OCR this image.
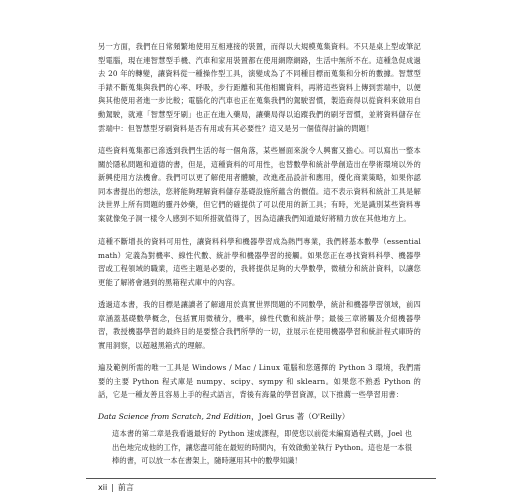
另一方面，我們在日常頻繁地使用互相連接的裝置，而得以大規模蒐集資料。不只是桌上型或筆記型電腦，現在連智慧型手機、汽車和家用裝置都在使用網際網路，生活中無所不在。這種急促成過去 20 年的轉變，讓資料從一種操作型工具，演變成為了不同種目標而蒐集和分析的數據。智慧型手錶不斷蒐集與我們的心率、呼吸，步行距離和其他相關資料，再將這些資料上傳到雲端中，以便與其他使用者進一步比較；電腦化的汽車也正在蒐集我們的駕駛習慣，製造商得以從資料來啟用自動駕駛，就連「智慧型牙刷」也正在進入藥局，讓藥局得以追蹤我們的刷牙習慣，並將資料儲存在雲端中：但智慧型牙刷資料是否有用或有其必要性？這又是另一個值得討論的問題！

這些資料蒐集都已滲透到我們生活的每一個角落，某些層面來說令人興奮又擔心。可以寫出一整本關於隱私問題和道德的書，但是，這種資料的可用性，也替數學和統計學創造出在學術環境以外的新興使用方法機會。我們可以更了解使用者體驗，改進產品設計和應用，優化商業策略，如果你認同本書提出的想法，您將能夠理解資料儲存基礎設施所蘊含的價值。這不表示資料和統計工具是解決世界上所有問題的靈丹妙藥，但它們的確提供了可以使用的新工具；有時，光是識別某些資料專案就像兔子洞一樣令人感到不知所措就值得了，因為這讓我們知道最好將精力放在其他地方上。

這種不斷增長的資料可用性，讓資料科學和機器學習成為熱門專業，我們將基本數學（essential math）定義為對機率、線性代數、統計學和機器學習的接觸。如果您正在尋找資料科學、機器學習或工程領域的職業，這些主題是必要的，我將提供足夠的大學數學，微積分和統計資料，以讓您更能了解將會遇到的黑箱程式庫中的內容。

透過這本書，我的目標是讓讀者了解適用於真實世界問題的不同數學，統計和機器學習領域，前四章涵蓋基礎數學概念，包括實用微積分，機率，線性代數和統計學；最後三章將觸及介紹機器學習，教授機器學習的最終目的是要整合我們所學的一切，並展示在使用機器學習和統計程式庫時的實用洞察，以超越黑箱式的理解。

遍及範例所需的唯一工具是 Windows / Mac / Linux 電腦和您選擇的 Python 3 環境，我們需要的主要 Python 程式庫是 numpy、scipy、sympy 和 sklearn。如果您不熟悉 Python 的話，它是一種友善且容易上手的程式語言，背後有海量的學習資源，以下推薦一些學習用書：

Data Science from Scratch, 2nd Edition，Joel Grus 著（O'Reilly）

這本書的第二章是我看過最好的 Python 速成課程，即使您以前從未編寫過程式碼，Joel 也出色地完成他的工作，讓您盡可能在最短的時間內，有效啟動並執行 Python。這也是一本很棒的書，可以放一本在書架上，隨時運用其中的數學知識！

xii | 前言
